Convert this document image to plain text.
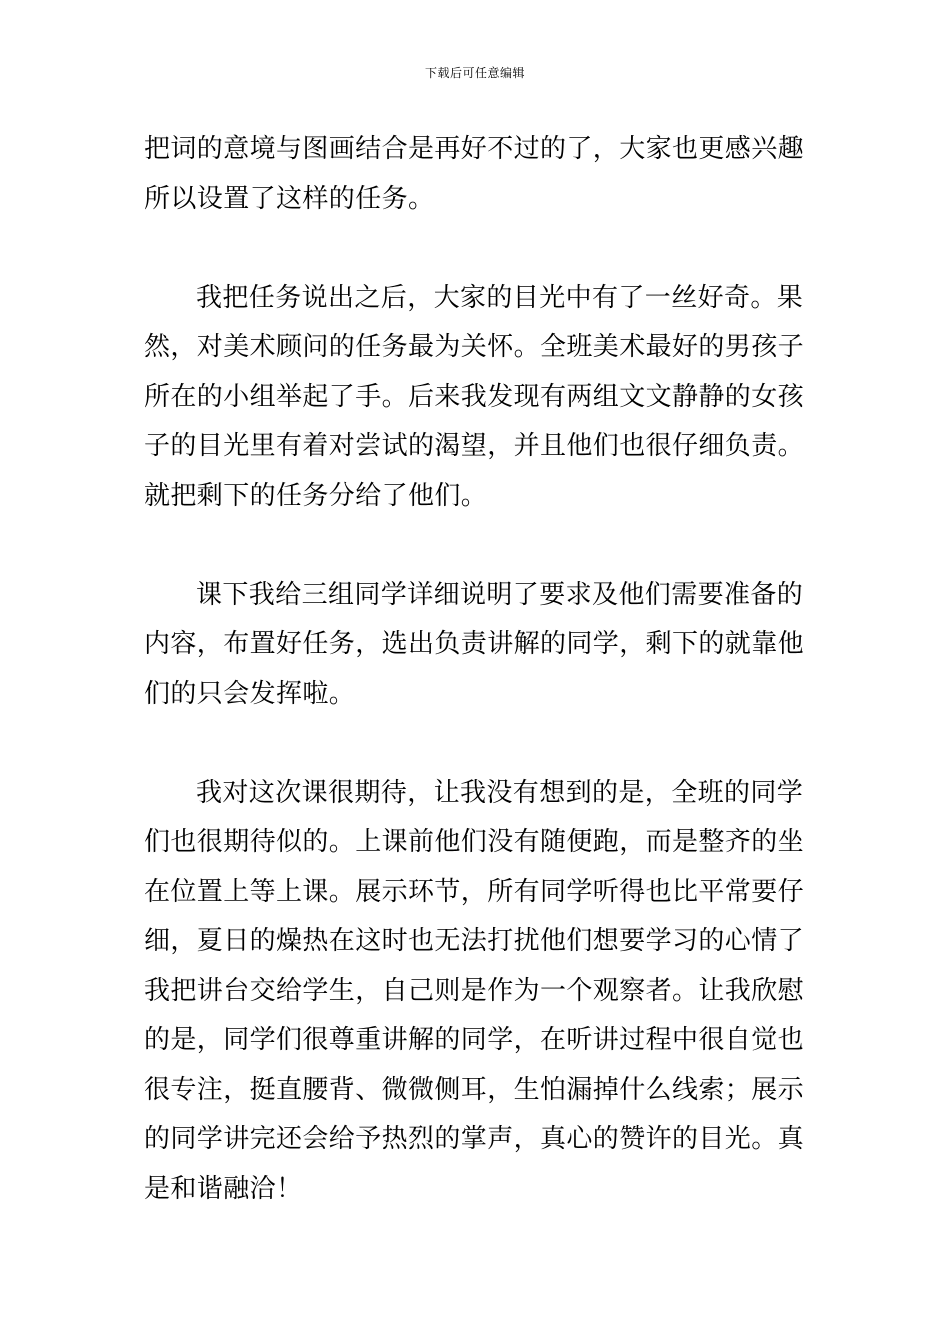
下载后可任意编辑
把词的意境与图画结合是再好不过的了，大家也更感兴趣
所以设置了这样的任务。
我把任务说出之后，大家的目光中有了一丝好奇。果
然，对美术顾问的任务最为关怀。全班美术最好的男孩子
所在的小组举起了手。后来我发现有两组文文静静的女孩
子的目光里有着对尝试的渴望，并且他们也很仔细负责。
就把剩下的任务分给了他们。
课下我给三组同学详细说明了要求及他们需要准备的
内容，布置好任务，选出负责讲解的同学，剩下的就靠他
们的只会发挥啦。
我对这次课很期待，让我没有想到的是，全班的同学
们也很期待似的。上课前他们没有随便跑，而是整齐的坐
在位置上等上课。展示环节，所有同学听得也比平常要仔
细，夏日的燥热在这时也无法打扰他们想要学习的心情了
我把讲台交给学生，自己则是作为一个观察者。让我欣慰
的是，同学们很尊重讲解的同学，在听讲过程中很自觉也
很专注，挺直腰背、微微侧耳，生怕漏掉什么线索；展示
的同学讲完还会给予热烈的掌声，真心的赞许的目光。真
是和谐融洽！
